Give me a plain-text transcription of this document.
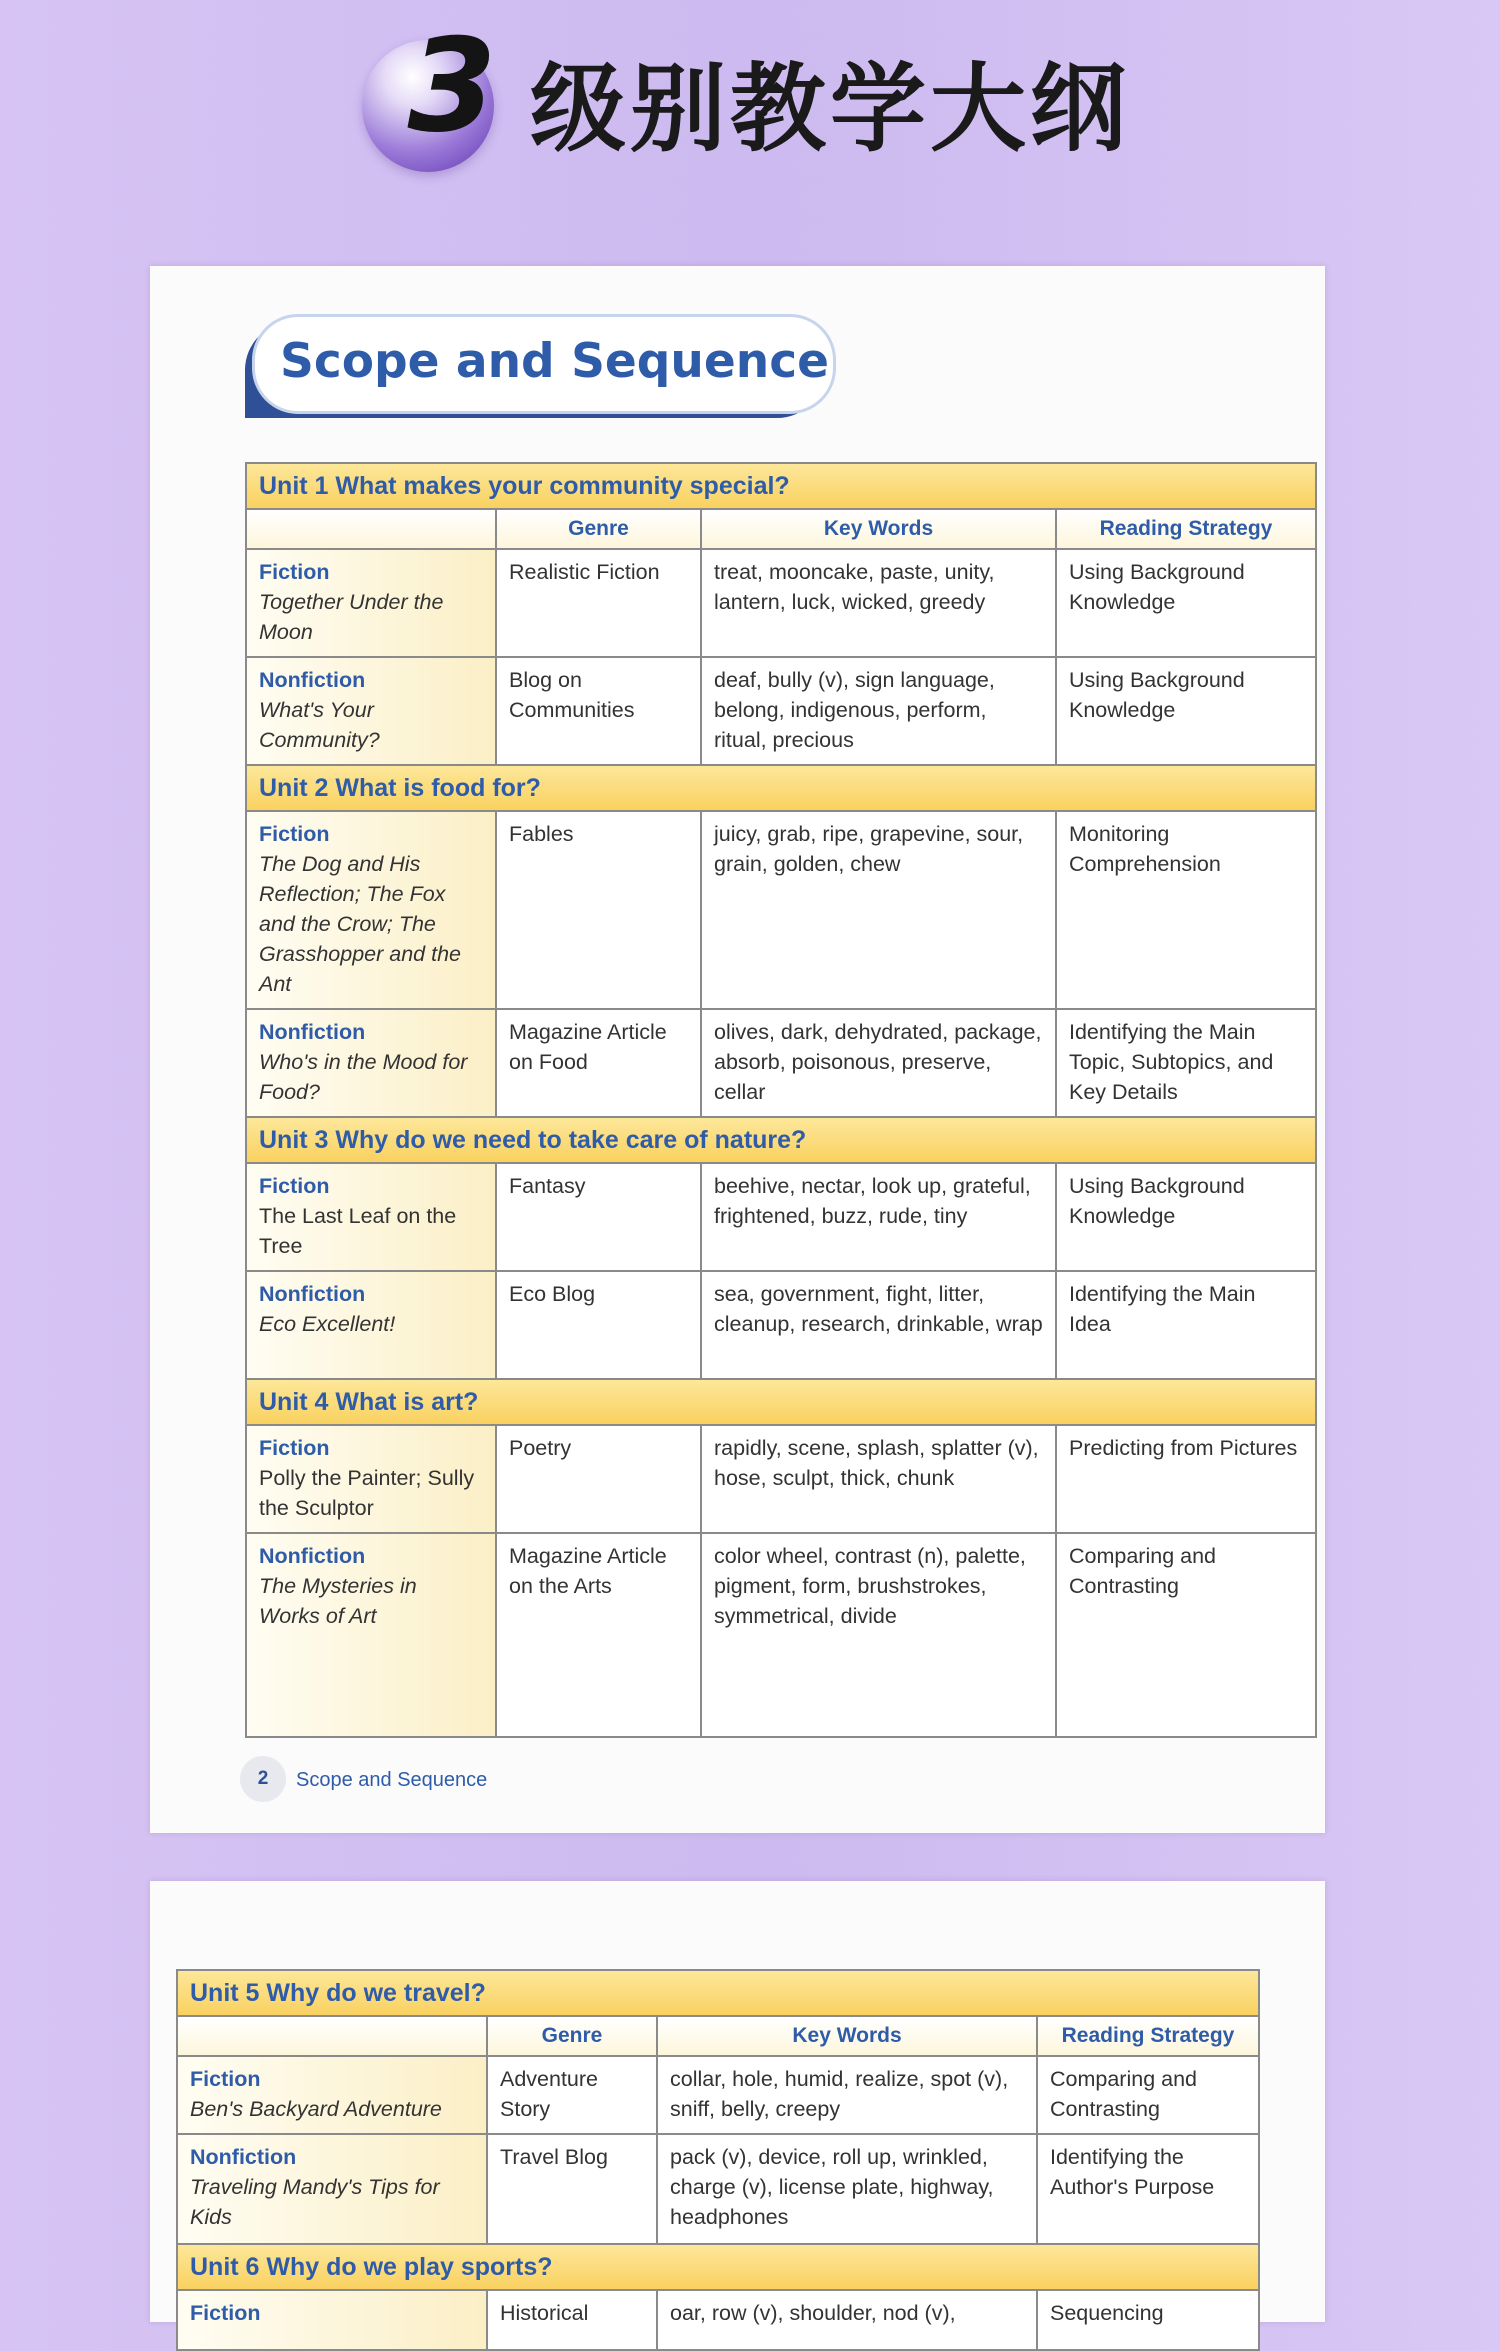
3 级别教学大纲
Scope and Sequence
Unit 1 What makes your community special?			
	Genre	Key Words	Reading Strategy

Fiction
Together Under the Moon	Realistic Fiction	treat, mooncake, paste, unity, lantern, luck, wicked, greedy	Using Background Knowledge

Nonfiction
What's Your Community?	Blog on Communities	deaf, bully (v), sign language, belong, indigenous, perform, ritual, precious	Using Background Knowledge
Unit 2 What is food for?			

Fiction
The Dog and His Reflection; The Fox and the Crow; The Grasshopper and the Ant	Fables	juicy, grab, ripe, grapevine, sour, grain, golden, chew	Monitoring Comprehension

Nonfiction
Who's in the Mood for Food?	Magazine Article on Food	olives, dark, dehydrated, package, absorb, poisonous, preserve, cellar	Identifying the Main Topic, Subtopics, and Key Details
Unit 3 Why do we need to take care of nature?			

Fiction
The Last Leaf on the Tree	Fantasy	beehive, nectar, look up, grateful, frightened, buzz, rude, tiny	Using Background Knowledge

Nonfiction
Eco Excellent!	Eco Blog	sea, government, fight, litter, cleanup, research, drinkable, wrap	Identifying the Main Idea
Unit 4 What is art?			

Fiction
Polly the Painter; Sully the Sculptor	Poetry	rapidly, scene, splash, splatter (v), hose, sculpt, thick, chunk	Predicting from Pictures

Nonfiction
The Mysteries in Works of Art	Magazine Article on the Arts	color wheel, contrast (n), palette, pigment, form, brushstrokes, symmetrical, divide	Comparing and Contrasting
2	Scope and Sequence
Unit 5 Why do we travel?			
	Genre	Key Words	Reading Strategy

Fiction
Ben's Backyard Adventure	Adventure Story	collar, hole, humid, realize, spot (v), sniff, belly, creepy	Comparing and Contrasting

Nonfiction
Traveling Mandy's Tips for Kids	Travel Blog	pack (v), device, roll up, wrinkled, charge (v), license plate, highway, headphones	Identifying the Author's Purpose
Unit 6 Why do we play sports?			

Fiction	Historical	oar, row (v), shoulder, nod (v),	Sequencing
